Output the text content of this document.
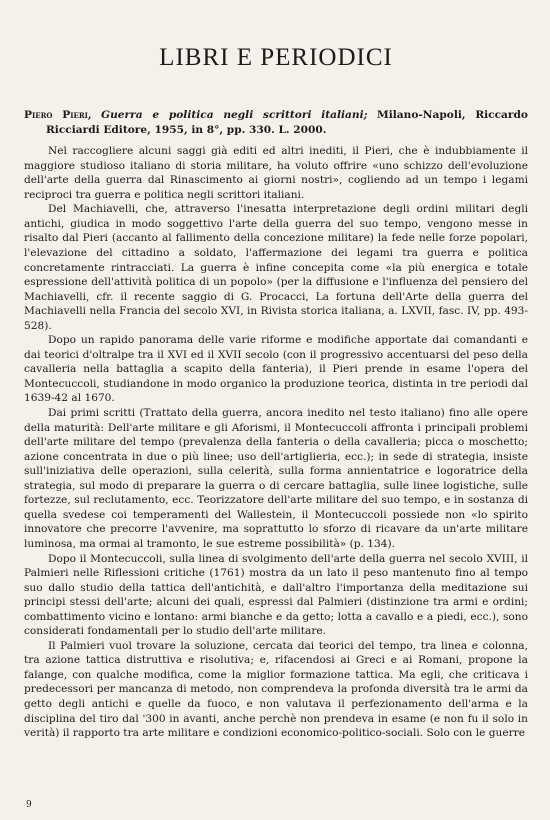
LIBRI E PERIODICI
Piero Pieri, Guerra e politica negli scrittori italiani; Milano-Napoli, Riccardo Ricciardi Editore, 1955, in 8°, pp. 330. L. 2000.

Nel raccogliere alcuni saggi già editi ed altri inediti, il Pieri, che è indubbiamente il maggiore studioso italiano di storia militare, ha voluto offrire «uno schizzo dell'evoluzione dell'arte della guerra dal Rinascimento ai giorni nostri», cogliendo ad un tempo i legami reciproci tra guerra e politica negli scrittori italiani.

Del Machiavelli, che, attraverso l'inesatta interpretazione degli ordini militari degli antichi, giudica in modo soggettivo l'arte della guerra del suo tempo, vengono messe in risalto dal Pieri (accanto al fallimento della concezione militare) la fede nelle forze popolari, l'elevazione del cittadino a soldato, l'affermazione dei legami tra guerra e politica concretamente rintracciati. La guerra è infine concepita come «la più energica e totale espressione dell'attività politica di un popolo» (per la diffusione e l'influenza del pensiero del Machiavelli, cfr. il recente saggio di G. Procacci, La fortuna dell'Arte della guerra del Machiavelli nella Francia del secolo XVI, in Rivista storica italiana, a. LXVII, fasc. IV, pp. 493-528).

Dopo un rapido panorama delle varie riforme e modifiche apportate dai comandanti e dai teorici d'oltralpe tra il XVI ed il XVII secolo (con il progressivo accentuarsi del peso della cavalleria nella battaglia a scapito della fanteria), il Pieri prende in esame l'opera del Montecuccoli, studiandone in modo organico la produzione teorica, distinta in tre periodi dal 1639-42 al 1670.

Dai primi scritti (Trattato della guerra, ancora inedito nel testo italiano) fino alle opere della maturità: Dell'arte militare e gli Aforismi, il Montecuccoli affronta i principali problemi dell'arte militare del tempo (prevalenza della fanteria o della cavalleria; picca o moschetto; azione concentrata in due o più linee; uso dell'artiglieria, ecc.); in sede di strategia, insiste sull'iniziativa delle operazioni, sulla celerità, sulla forma annientatrice e logoratrice della strategia, sul modo di preparare la guerra o di cercare battaglia, sulle linee logistiche, sulle fortezze, sul reclutamento, ecc. Teorizzatore dell'arte militare del suo tempo, e in sostanza di quella svedese coi temperamenti del Wallestein, il Montecuccoli possiede non «lo spirito innovatore che precorre l'avvenire, ma soprattutto lo sforzo di ricavare da un'arte militare luminosa, ma ormai al tramonto, le sue estreme possibilità» (p. 134).

Dopo il Montecuccoli, sulla linea di svolgimento dell'arte della guerra nel secolo XVIII, il Palmieri nelle Riflessioni critiche (1761) mostra da un lato il peso mantenuto fino al tempo suo dallo studio della tattica dell'antichità, e dall'altro l'importanza della meditazione sui principi stessi dell'arte; alcuni dei quali, espressi dal Palmieri (distinzione tra armi e ordini; combattimento vicino e lontano: armi bianche e da getto; lotta a cavallo e a piedi, ecc.), sono considerati fondamentali per lo studio dell'arte militare.

Il Palmieri vuol trovare la soluzione, cercata dai teorici del tempo, tra linea e colonna, tra azione tattica distruttiva e risolutiva; e, rifacendosi ai Greci e ai Romani, propone la falange, con qualche modifica, come la miglior formazione tattica. Ma egli, che criticava i predecessori per mancanza di metodo, non comprendeva la profonda diversità tra le armi da getto degli antichi e quelle da fuoco, e non valutava il perfezionamento dell'arma e la disciplina del tiro dal '300 in avanti, anche perchè non prendeva in esame (e non fu il solo in verità) il rapporto tra arte militare e condizioni economico-politico-sociali. Solo con le guerre

9
